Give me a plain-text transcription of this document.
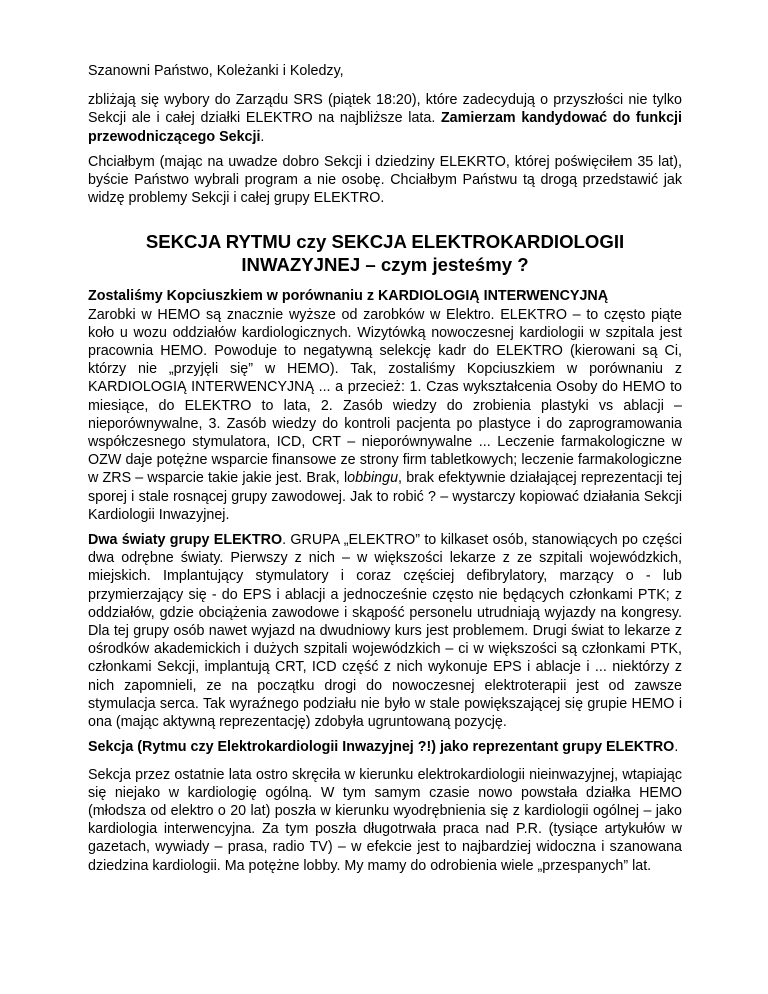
Szanowni Państwo, Koleżanki i Koledzy,

zbliżają się wybory do Zarządu SRS (piątek 18:20), które zadecydują o przyszłości nie tylko Sekcji ale i całej działki ELEKTRO na najbliższe lata. Zamierzam kandydować do funkcji przewodniczącego Sekcji.

Chciałbym (mając na uwadze dobro Sekcji i dziedziny ELEKRTO, której poświęciłem 35 lat), byście Państwo wybrali program a nie osobę. Chciałbym Państwu tą drogą przedstawić jak widzę problemy Sekcji i całej grupy ELEKTRO.

SEKCJA RYTMU czy SEKCJA ELEKTROKARDIOLOGII
INWAZYJNEJ – czym jesteśmy ?

Zostaliśmy Kopciuszkiem w porównaniu z KARDIOLOGIĄ INTERWENCYJNĄ
Zarobki w HEMO są znacznie wyższe od zarobków w Elektro. ELEKTRO – to często piąte koło u wozu oddziałów kardiologicznych. Wizytówką nowoczesnej kardiologii w szpitala jest pracownia HEMO. Powoduje to negatywną selekcję kadr do ELEKTRO (kierowani są Ci, którzy nie „przyjęli się” w HEMO). Tak, zostaliśmy Kopciuszkiem w porównaniu z KARDIOLOGIĄ INTERWENCYJNĄ ... a przecież: 1. Czas wykształcenia Osoby do HEMO to miesiące, do ELEKTRO to lata, 2. Zasób wiedzy do zrobienia plastyki vs ablacji – nieporównywalne, 3. Zasób wiedzy do kontroli pacjenta po plastyce i do zaprogramowania współczesnego stymulatora, ICD, CRT – nieporównywalne ... Leczenie farmakologiczne w OZW daje potężne wsparcie finansowe ze strony firm tabletkowych; leczenie farmakologiczne w ZRS – wsparcie takie jakie jest. Brak, lobbingu, brak efektywnie działającej reprezentacji tej sporej i stale rosnącej grupy zawodowej. Jak to robić ? – wystarczy kopiować działania Sekcji Kardiologii Inwazyjnej.

Dwa światy grupy ELEKTRO. GRUPA „ELEKTRO” to kilkaset osób, stanowiących po części dwa odrębne światy. Pierwszy z nich – w większości lekarze z ze szpitali wojewódzkich, miejskich. Implantujący stymulatory i coraz częściej defibrylatory, marzący o - lub przymierzający się - do EPS i ablacji a jednocześnie często nie będących członkami PTK; z oddziałów, gdzie obciążenia zawodowe i skąpość personelu utrudniają wyjazdy na kongresy. Dla tej grupy osób nawet wyjazd na dwudniowy kurs jest problemem. Drugi świat to lekarze z ośrodków akademickich i dużych szpitali wojewódzkich – ci w większości są członkami PTK, członkami Sekcji, implantują CRT, ICD część z nich wykonuje EPS i ablacje i ... niektórzy z nich zapomnieli, ze na początku drogi do nowoczesnej elektroterapii jest od zawsze stymulacja serca. Tak wyraźnego podziału nie było w stale powiększającej się grupie HEMO i ona (mając aktywną reprezentację) zdobyła ugruntowaną pozycję.

Sekcja (Rytmu czy Elektrokardiologii Inwazyjnej ?!) jako reprezentant grupy ELEKTRO.

Sekcja przez ostatnie lata ostro skręciła w kierunku elektrokardiologii nieinwazyjnej, wtapiając się niejako w kardiologię ogólną. W tym samym czasie nowo powstała działka HEMO (młodsza od elektro o 20 lat) poszła w kierunku wyodrębnienia się z kardiologii ogólnej – jako kardiologia interwencyjna. Za tym poszła długotrwała praca nad P.R. (tysiące artykułów w gazetach, wywiady – prasa, radio TV) – w efekcie jest to najbardziej widoczna i szanowana dziedzina kardiologii. Ma potężne lobby. My mamy do odrobienia wiele „przespanych” lat.
